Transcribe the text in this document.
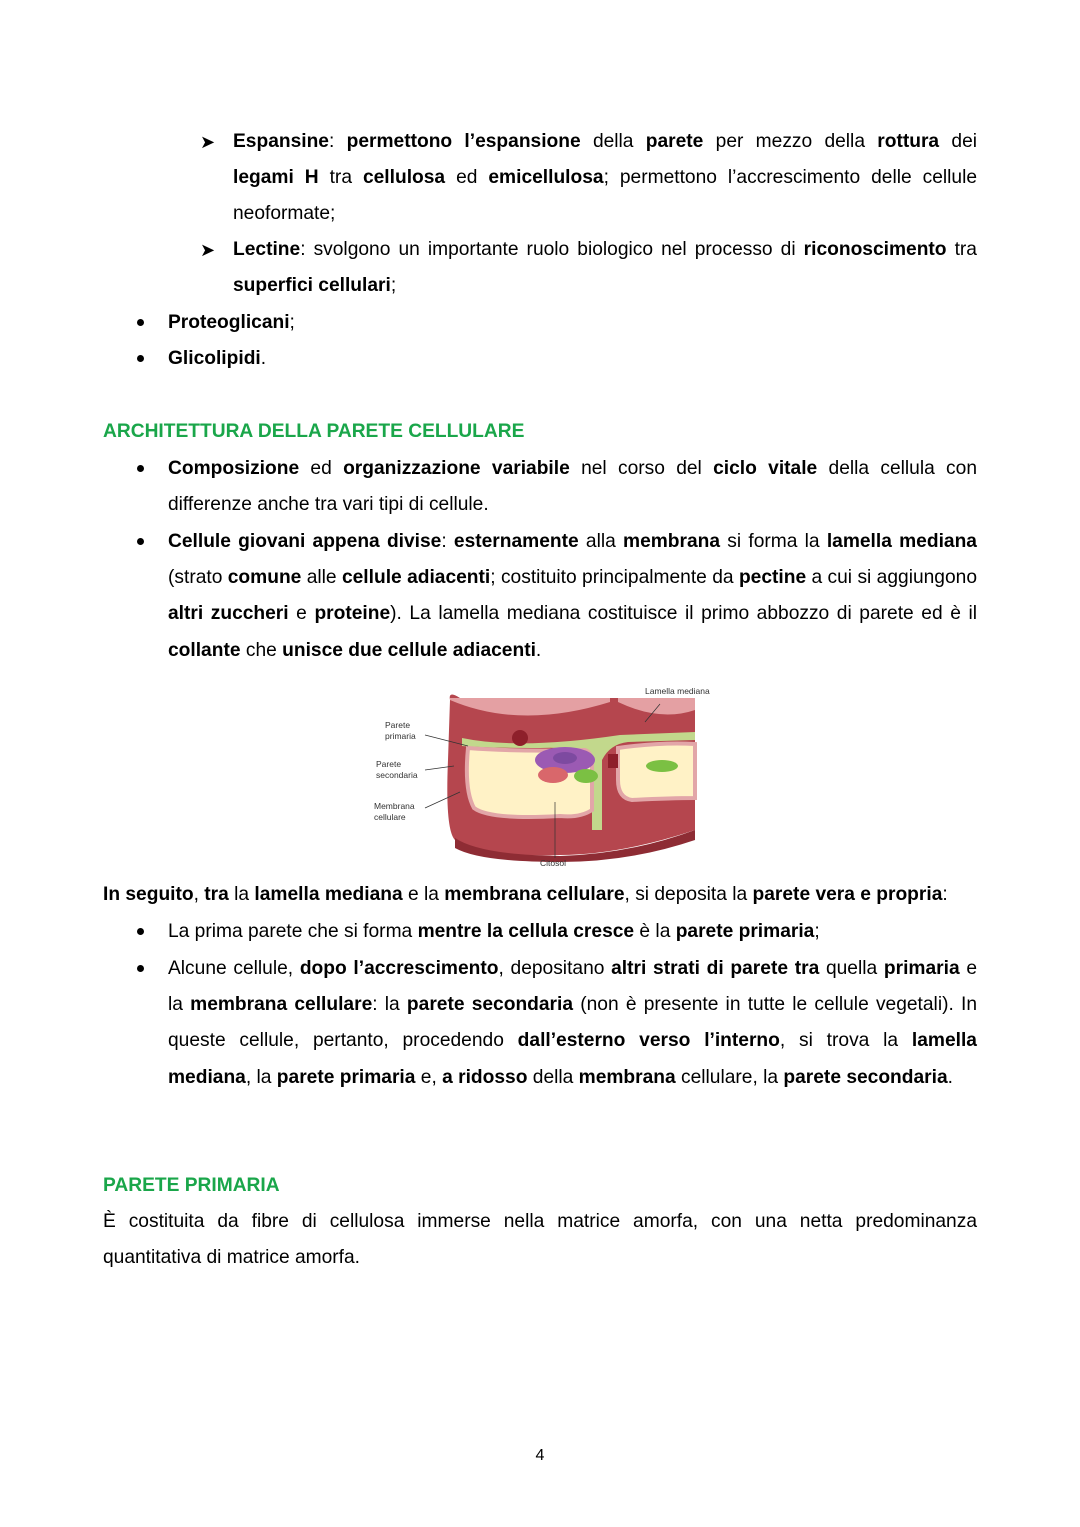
➤ Espansine: permettono l’espansione della parete per mezzo della rottura dei legami H tra cellulosa ed emicellulosa; permettono l’accrescimento delle cellule neoformate;

➤ Lectine: svolgono un importante ruolo biologico nel processo di riconoscimento tra superfici cellulari;

Proteoglicani;

Glicolipidi.

ARCHITETTURA DELLA PARETE CELLULARE

Composizione ed organizzazione variabile nel corso del ciclo vitale della cellula con differenze anche tra vari tipi di cellule.

Cellule giovani appena divise: esternamente alla membrana si forma la lamella mediana (strato comune alle cellule adiacenti; costituito principalmente da pectine a cui si aggiungono altri zuccheri e proteine). La lamella mediana costituisce il primo abbozzo di parete ed è il collante che unisce due cellule adiacenti.

Lamella mediana
Parete primaria
Parete secondaria
Membrana cellulare
Citosol

In seguito, tra la lamella mediana e la membrana cellulare, si deposita la parete vera e propria:

La prima parete che si forma mentre la cellula cresce è la parete primaria;

Alcune cellule, dopo l’accrescimento, depositano altri strati di parete tra quella primaria e la membrana cellulare: la parete secondaria (non è presente in tutte le cellule vegetali). In queste cellule, pertanto, procedendo dall’esterno verso l’interno, si trova la lamella mediana, la parete primaria e, a ridosso della membrana cellulare, la parete secondaria.

PARETE PRIMARIA

È costituita da fibre di cellulosa immerse nella matrice amorfa, con una netta predominanza quantitativa di matrice amorfa.

4
